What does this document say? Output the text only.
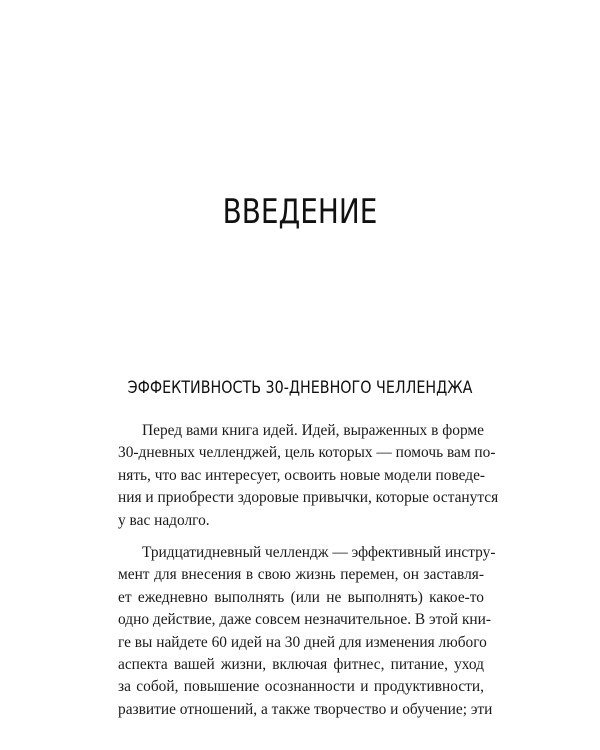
ВВЕДЕНИЕ
ЭФФЕКТИВНОСТЬ 30-ДНЕВНОГО ЧЕЛЛЕНДЖА
Перед вами книга идей. Идей, выраженных в форме
30-дневных челленджей, цель которых — помочь вам по-
нять, что вас интересует, освоить новые модели поведе-
ния и приобрести здоровые привычки, которые останутся
у вас надолго.
Тридцатидневный челлендж — эффективный инстру-
мент для внесения в свою жизнь перемен, он заставля-
ет ежедневно выполнять (или не выполнять) какое-то
одно действие, даже совсем незначительное. В этой кни-
ге вы найдете 60 идей на 30 дней для изменения любого
аспекта вашей жизни, включая фитнес, питание, уход
за собой, повышение осознанности и продуктивности,
развитие отношений, а также творчество и обучение; эти
